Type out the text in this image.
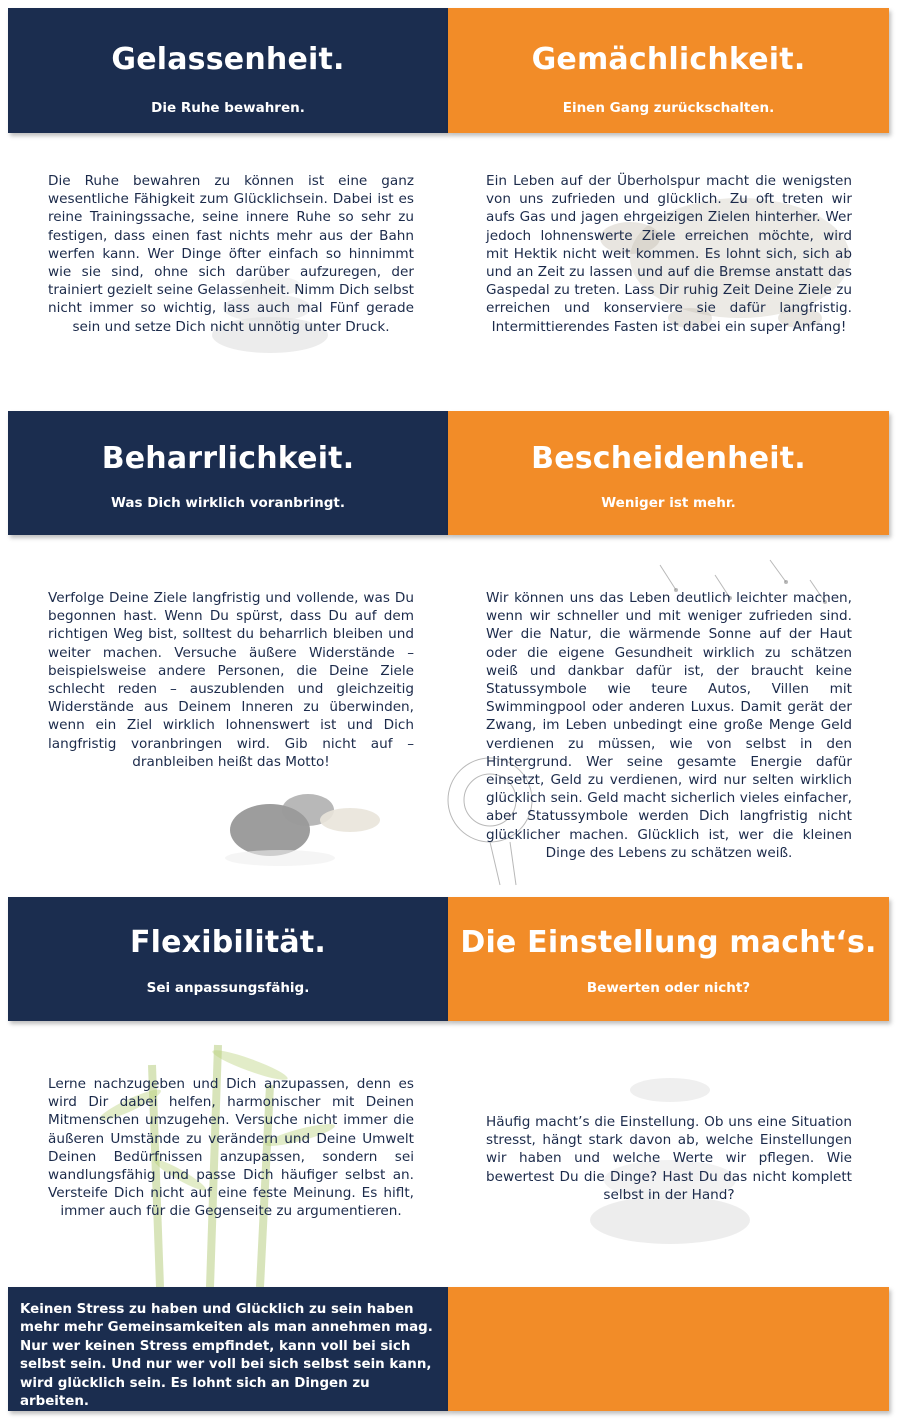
Gelassenheit.
Die Ruhe bewahren.
Gemächlichkeit.
Einen Gang zurückschalten.
Die Ruhe bewahren zu können ist eine ganz wesentliche Fähigkeit zum Glücklichsein. Dabei ist es reine Trainingssache, seine innere Ruhe so sehr zu festigen, dass einen fast nichts mehr aus der Bahn werfen kann. Wer Dinge öfter einfach so hinnimmt wie sie sind, ohne sich darüber aufzuregen, der trainiert gezielt seine Gelassenheit. Nimm Dich selbst nicht immer so wichtig, lass auch mal Fünf gerade sein und setze Dich nicht unnötig unter Druck.
Ein Leben auf der Überholspur macht die wenigsten von uns zufrieden und glücklich. Zu oft treten wir aufs Gas und jagen ehrgeizigen Zielen hinterher. Wer jedoch lohnenswerte Ziele erreichen möchte, wird mit Hektik nicht weit kommen. Es lohnt sich, sich ab und an Zeit zu lassen und auf die Bremse anstatt das Gaspedal zu treten. Lass Dir ruhig Zeit Deine Ziele zu erreichen und konserviere sie dafür langfristig. Intermittierendes Fasten ist dabei ein super Anfang!
Beharrlichkeit.
Was Dich wirklich voranbringt.
Bescheidenheit.
Weniger ist mehr.
Verfolge Deine Ziele langfristig und vollende, was Du begonnen hast. Wenn Du spürst, dass Du auf dem richtigen Weg bist, solltest du beharrlich bleiben und weiter machen. Versuche äußere Widerstände – beispielsweise andere Personen, die Deine Ziele schlecht reden – auszublenden und gleichzeitig Widerstände aus Deinem Inneren zu überwinden, wenn ein Ziel wirklich lohnenswert ist und Dich langfristig voranbringen wird. Gib nicht auf – dranbleiben heißt das Motto!
Wir können uns das Leben deutlich leichter machen, wenn wir schneller und mit weniger zufrieden sind. Wer die Natur, die wärmende Sonne auf der Haut oder die eigene Gesundheit wirklich zu schätzen weiß und dankbar dafür ist, der braucht keine Statussymbole wie teure Autos, Villen mit Swimmingpool oder anderen Luxus. Damit gerät der Zwang, im Leben unbedingt eine große Menge Geld verdienen zu müssen, wie von selbst in den Hintergrund. Wer seine gesamte Energie dafür einsetzt, Geld zu verdienen, wird nur selten wirklich glücklich sein. Geld macht sicherlich vieles einfacher, aber Statussymbole werden Dich langfristig nicht glücklicher machen. Glücklich ist, wer die kleinen Dinge des Lebens zu schätzen weiß.
Flexibilität.
Sei anpassungsfähig.
Die Einstellung macht‘s.
Bewerten oder nicht?
Lerne nachzugeben und Dich anzupassen, denn es wird Dir dabei helfen, harmonischer mit Deinen Mitmenschen umzugehen. Versuche nicht immer die äußeren Umstände zu verändern und Deine Umwelt Deinen Bedürfnissen anzupassen, sondern sei wandlungsfähig und passe Dich häufiger selbst an. Versteife Dich nicht auf eine feste Meinung. Es hiflt, immer auch für die Gegenseite zu argumentieren.
Häufig macht’s die Einstellung. Ob uns eine Situation stresst, hängt stark davon ab, welche Einstellungen wir haben und welche Werte wir pflegen. Wie bewertest Du die Dinge? Hast Du das nicht komplett selbst in der Hand?
Keinen Stress zu haben und Glücklich zu sein haben mehr mehr Gemeinsamkeiten als man annehmen mag. Nur wer keinen Stress empfindet, kann voll bei sich selbst sein. Und nur wer voll bei sich selbst sein kann, wird glücklich sein. Es lohnt sich an Dingen zu arbeiten.
